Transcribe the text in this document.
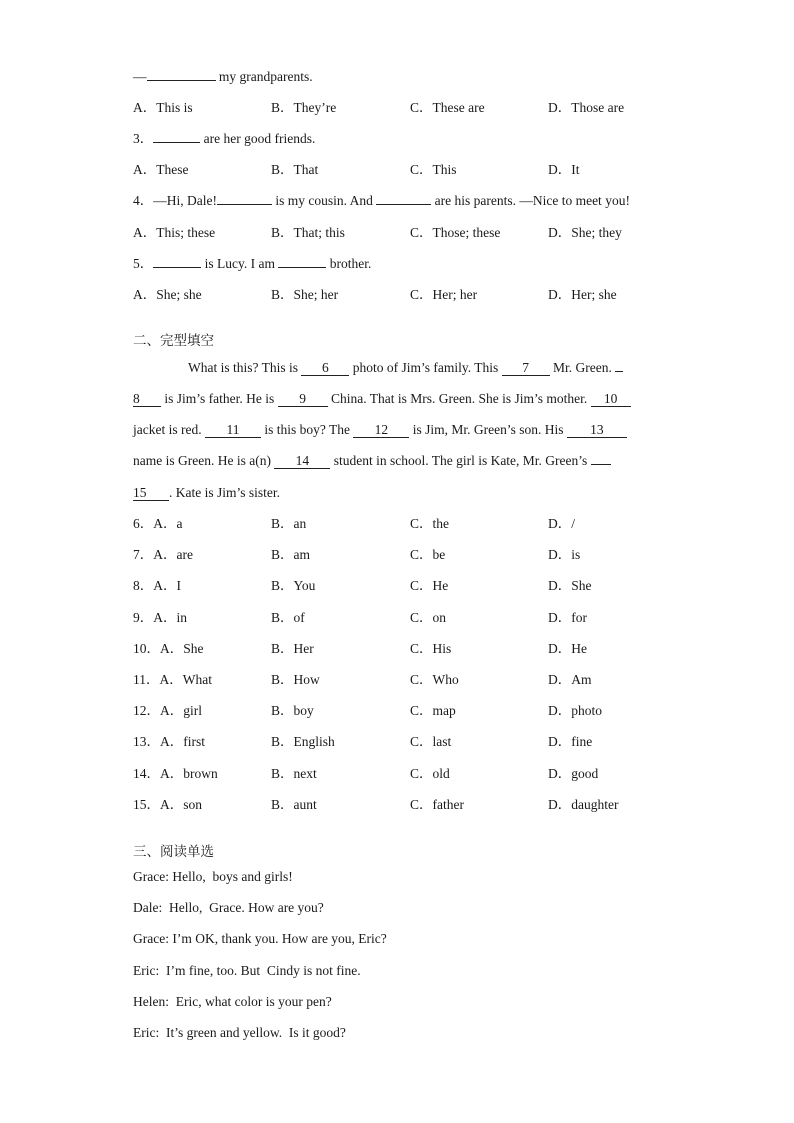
—	my grandparents.
A．This is	B．They’re	C．These are	D．Those are
3．	are her good friends.
A．These	B．That	C．This	D．It
4．—Hi, Dale!	is my cousin. And	are his parents. —Nice to meet you!
A．This; these	B．That; this	C．Those; these	D．She; they
5．	is Lucy. I am	brother.
A．She; she	B．She; her	C．Her; her	D．Her; she
二、完型填空
What is this? This is 6 photo of Jim’s family. This 7 Mr. Green.
8 is Jim’s father. He is 9 China. That is Mrs. Green. She is Jim’s mother. 10
jacket is red. 11 is this boy? The 12 is Jim, Mr. Green’s son. His 13
name is Green. He is a(n) 14 student in school. The girl is Kate, Mr. Green’s
15 . Kate is Jim’s sister.
6．A．a	B．an	C．the	D．/
7．A．are	B．am	C．be	D．is
8．A．I	B．You	C．He	D．She
9．A．in	B．of	C．on	D．for
10．A．She	B．Her	C．His	D．He
11．A．What	B．How	C．Who	D．Am
12．A．girl	B．boy	C．map	D．photo
13．A．first	B．English	C．last	D．fine
14．A．brown	B．next	C．old	D．good
15．A．son	B．aunt	C．father	D．daughter
三、阅读单选
Grace: Hello,  boys and girls!
Dale:  Hello,  Grace. How are you?
Grace: I’m OK, thank you. How are you, Eric?
Eric:  I’m fine, too. But  Cindy is not fine.
Helen:  Eric, what color is your pen?
Eric:  It’s green and yellow.  Is it good?
